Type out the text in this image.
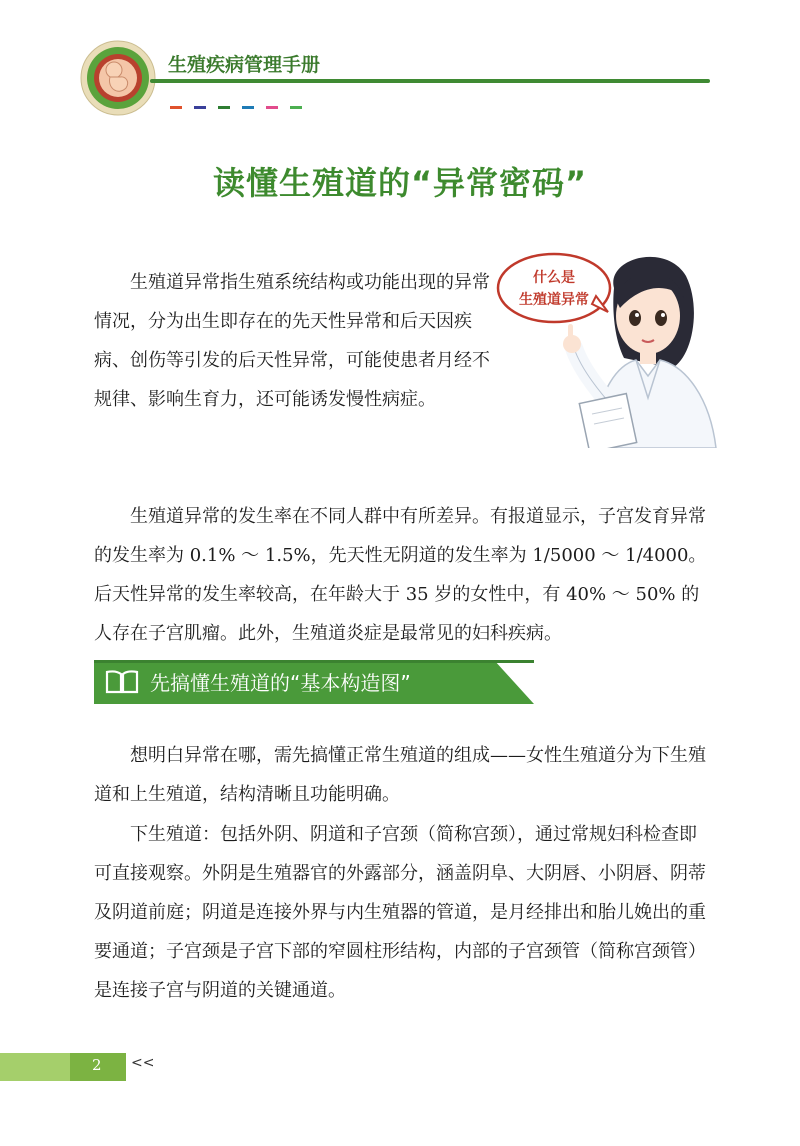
生殖疾病管理手册
读懂生殖道的“异常密码”

生殖道异常指生殖系统结构或功能出现的异常情况，分为出生即存在的先天性异常和后天因疾病、创伤等引发的后天性异常，可能使患者月经不规律、影响生育力，还可能诱发慢性病症。

什么是
生殖道异常

生殖道异常的发生率在不同人群中有所差异。有报道显示，子宫发育异常的发生率为 0.1% ～ 1.5%，先天性无阴道的发生率为 1/5000 ～ 1/4000。后天性异常的发生率较高，在年龄大于 35 岁的女性中，有 40% ～ 50% 的人存在子宫肌瘤。此外，生殖道炎症是最常见的妇科疾病。

先搞懂生殖道的“基本构造图”

想明白异常在哪，需先搞懂正常生殖道的组成——女性生殖道分为下生殖道和上生殖道，结构清晰且功能明确。

下生殖道：包括外阴、阴道和子宫颈（简称宫颈），通过常规妇科检查即可直接观察。外阴是生殖器官的外露部分，涵盖阴阜、大阴唇、小阴唇、阴蒂及阴道前庭；阴道是连接外界与内生殖器的管道，是月经排出和胎儿娩出的重要通道；子宫颈是子宫下部的窄圆柱形结构，内部的子宫颈管（简称宫颈管）是连接子宫与阴道的关键通道。

2 <<
